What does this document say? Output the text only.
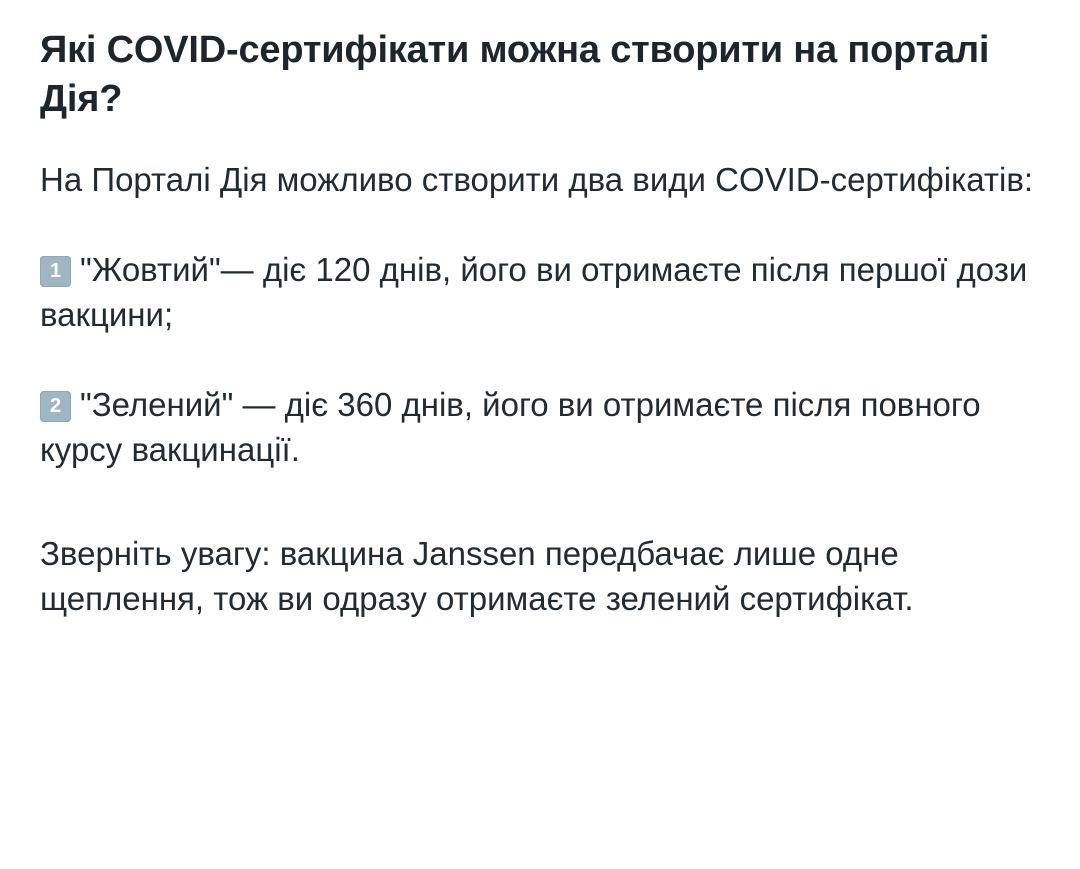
Які COVID-сертифікати можна створити на порталі Дія?

На Порталі Дія можливо створити два види COVID-сертифікатів:

1 "Жовтий"— діє 120 днів, його ви отримаєте після першої дози вакцини;
2 "Зелений" — діє 360 днів, його ви отримаєте після повного курсу вакцинації.

Зверніть увагу: вакцина Janssen передбачає лише одне щеплення, тож ви одразу отримаєте зелений сертифікат.
